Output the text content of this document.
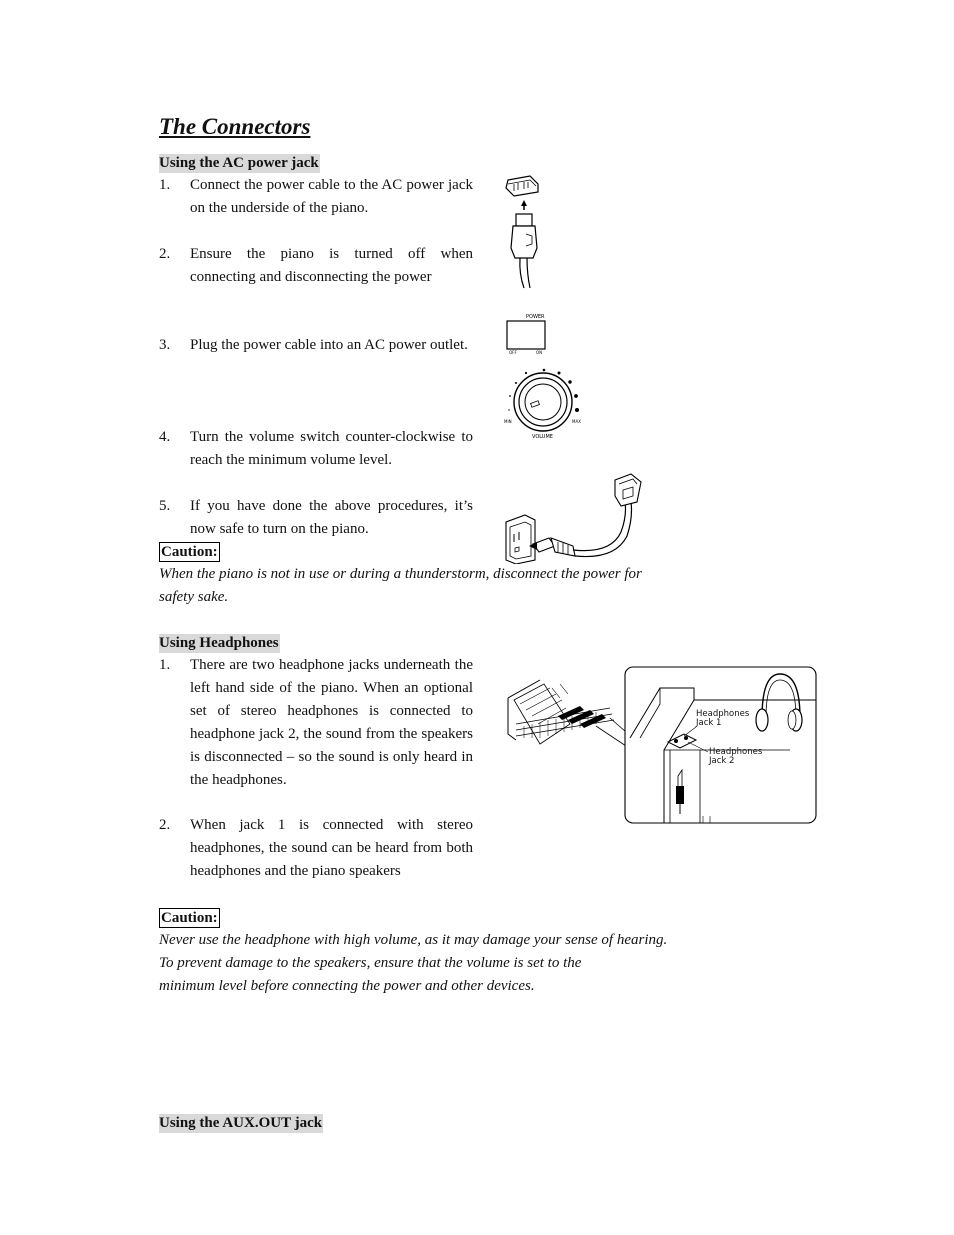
The Connectors
Using the AC power jack
1.	Connect the power cable to the AC power jack on the underside of the piano.
2.	Ensure the piano is turned off when connecting and disconnecting the power
3.	Plug the power cable into an AC power outlet.
4.	Turn the volume switch counter-clockwise to reach the minimum volume level.
5.	If you have done the above procedures, it’s now safe to turn on the piano.
Caution:
When the piano is not in use or during a thunderstorm, disconnect the power for
safety sake.
POWER
OFF	ON
MIN	MAX
VOLUME
Using Headphones
1.	There are two headphone jacks underneath the left hand side of the piano. When an optional set of stereo headphones is connected to headphone jack 2, the sound from the speakers is disconnected – so the sound is only heard in the headphones.
2.	When jack 1 is connected with stereo headphones, the sound can be heard from both headphones and the piano speakers
Caution:
Never use the headphone with high volume, as it may damage your sense of hearing.
To prevent damage to the speakers, ensure that the volume is set to the
minimum level before connecting the power and other devices.
Headphones
Jack 1
Headphones
Jack 2
Using the AUX.OUT jack
